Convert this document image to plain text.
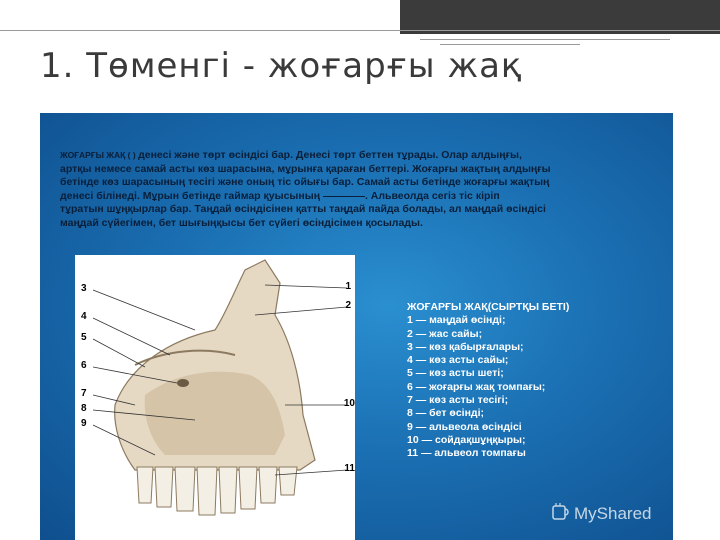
1. Төменгі - жоғарғы жақ
ЖОҒАРҒЫ ЖАҚ ( ) денесі және төрт өсіндісі бар. Денесі төрт беттен тұрады. Олар алдыңғы,
артқы немесе самай асты көз шарасына, мұрынға қараған беттері. Жоғарғы жақтың алдыңғы
бетінде көз шарасының тесігі және оның тіс ойығы бар. Самай асты бетінде жоғарғы жақтың
денесі білінеді. Мұрын бетінде гаймар қуысының ————. Альвеолда сегіз тіс кіріп
тұратын шұңқырлар бар. Таңдай өсіндісінен қатты таңдай пайда болады, ал маңдай өсіндісі
маңдай сүйегімен, бет шығыңқысы бет сүйегі өсіндісімен қосылады.
3
4
5
6
7
8
9
1
2
10
11
ЖОҒАРҒЫ ЖАҚ(СЫРТҚЫ БЕТІ)
1 — маңдай өсінді;
2 — жас сайы;
3 — көз қабырғалары;
4 — көз асты сайы;
5 — көз асты шеті;
6 — жоғарғы жақ томпағы;
7 — көз асты тесігі;
8 — бет өсінді;
9 — альвеола өсіндісі
10 — сойдақшұңқыры;
11 — альвеол томпағы
MyShared
